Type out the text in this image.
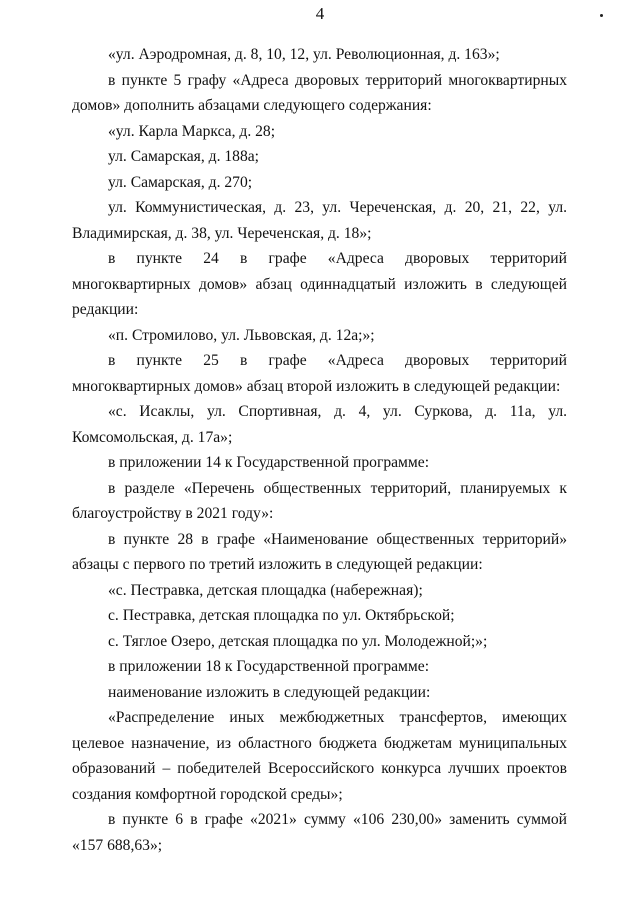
4

«ул. Аэродромная, д. 8, 10, 12, ул. Революционная, д. 163»;

в пункте 5 графу «Адреса дворовых территорий многоквартирных домов» дополнить абзацами следующего содержания:

«ул. Карла Маркса, д. 28;

ул. Самарская, д. 188а;

ул. Самарская, д. 270;

ул. Коммунистическая, д. 23, ул. Череченская, д. 20, 21, 22, ул. Владимирская, д. 38, ул. Череченская, д. 18»;

в пункте 24 в графе «Адреса дворовых территорий многоквартирных домов» абзац одиннадцатый изложить в следующей редакции:

«п. Стромилово, ул. Львовская, д. 12а;»;

в пункте 25 в графе «Адреса дворовых территорий многоквартирных домов» абзац второй изложить в следующей редакции:

«с. Исаклы, ул. Спортивная, д. 4, ул. Суркова, д. 11а, ул. Комсомольская, д. 17а»;

в приложении 14 к Государственной программе:

в разделе «Перечень общественных территорий, планируемых к благоустройству в 2021 году»:

в пункте 28 в графе «Наименование общественных территорий» абзацы с первого по третий изложить в следующей редакции:

«с. Пестравка, детская площадка (набережная);

с. Пестравка, детская площадка по ул. Октябрьской;

с. Тяглое Озеро, детская площадка по ул. Молодежной;»;

в приложении 18 к Государственной программе:

наименование изложить в следующей редакции:

«Распределение иных межбюджетных трансфертов, имеющих целевое назначение, из областного бюджета бюджетам муниципальных образований – победителей Всероссийского конкурса лучших проектов создания комфортной городской среды»;

в пункте 6 в графе «2021» сумму «106 230,00» заменить суммой «157 688,63»;
